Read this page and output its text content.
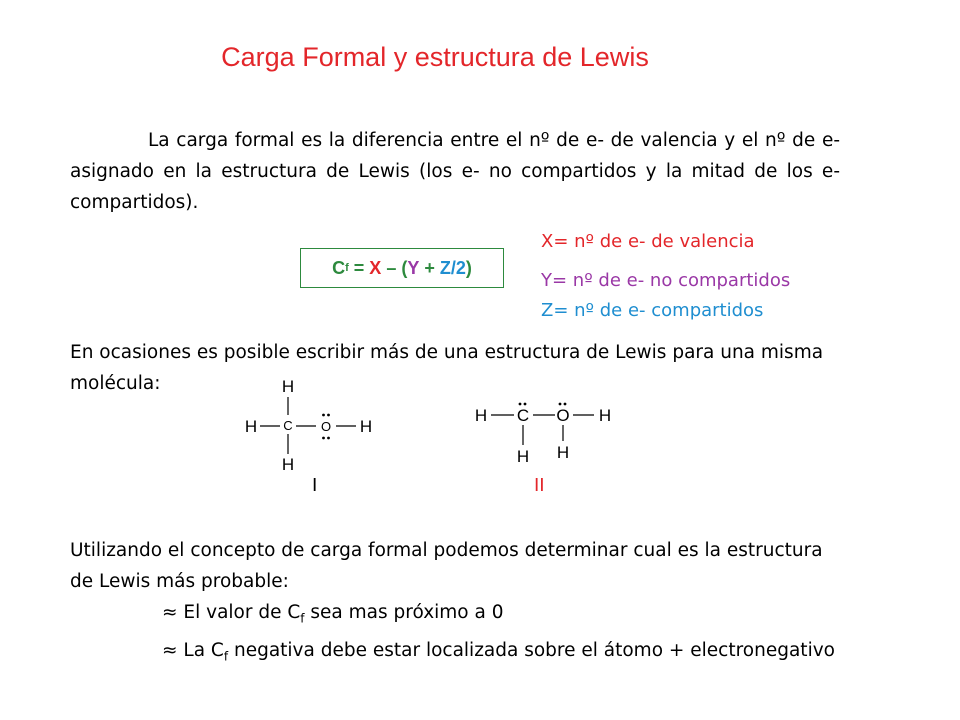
Carga Formal y estructura de Lewis
La carga formal es la diferencia entre el nº de e- de valencia y el nº de e- asignado en la estructura de Lewis (los e- no compartidos y la mitad de los e- compartidos).
C f = X – ( Y + Z/2 )
X= nº de e- de valencia
Y= nº de e- no compartidos
Z= nº de e- compartidos
En ocasiones es posible escribir más de una estructura de Lewis para una misma molécula:	H
H C O H
H
H C O H
H H
I	II
Utilizando el concepto de carga formal podemos determinar cual es la estructura de Lewis más probable:
≈ El valor de $C_f$ sea mas próximo a 0
≈ La $C_f$ negativa debe estar localizada sobre el átomo + electronegativo
